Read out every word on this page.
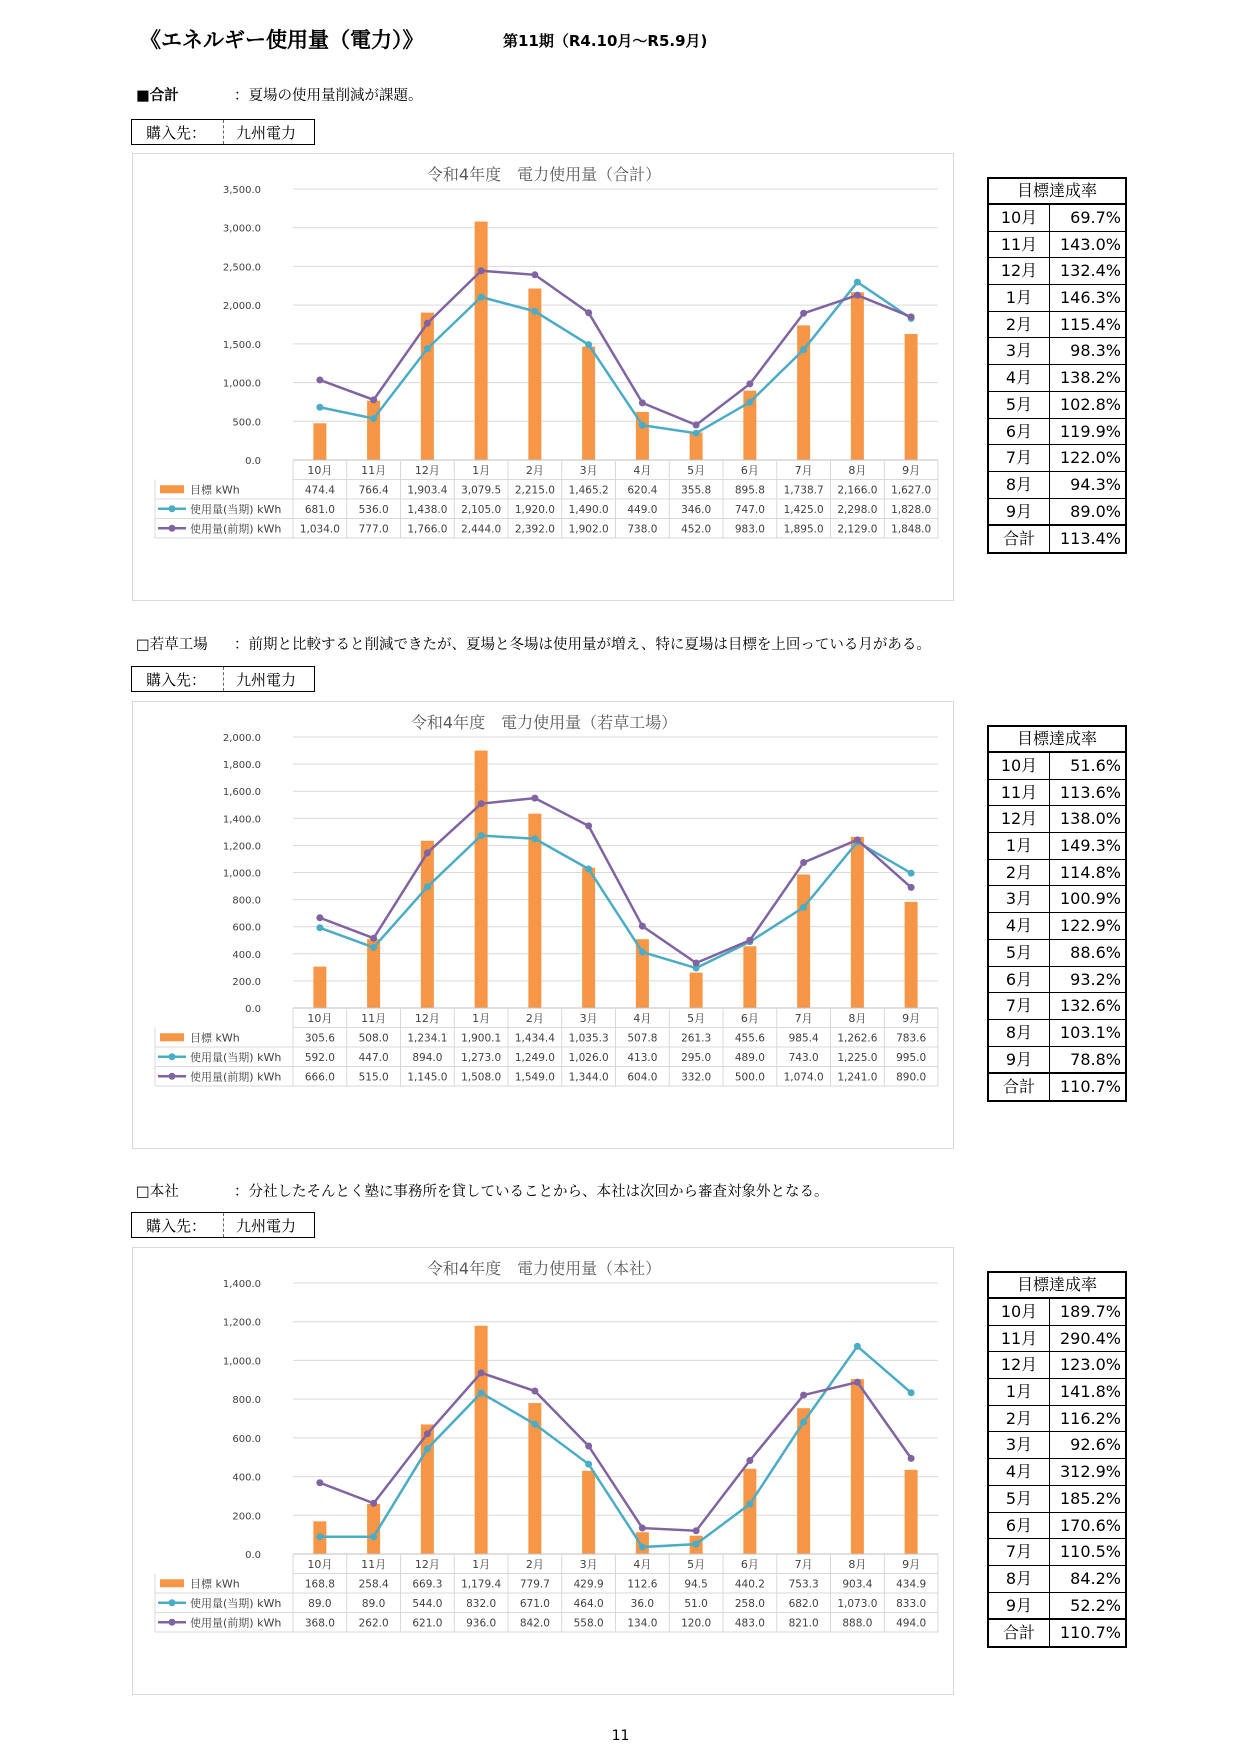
《エネルギー使用量（電力）》	第11期（R4.10月～R5.9月)
■合計	：夏場の使用量削減が課題。
購入先：	九州電力
令和4年度　電力使用量（合計）
0.0
500.0
1,000.0
1,500.0
2,000.0
2,500.0
3,000.0
3,500.0
10月	11月	12月	1月	2月	3月	4月	5月	6月	7月	8月	9月
目標 kWh	474.4 766.4 1,903.4 3,079.5 2,215.0 1,465.2 620.4 355.8 895.8 1,738.7 2,166.0 1,627.0
使用量(当期) kWh 681.0 536.0 1,438.0 2,105.0 1,920.0 1,490.0 449.0 346.0 747.0 1,425.0 2,298.0 1,828.0
使用量(前期) kWh 1,034.0 777.0 1,766.0 2,444.0 2,392.0 1,902.0 738.0 452.0 983.0 1,895.0 2,129.0 1,848.0
目標達成率
10月	69.7%
11月	143.0%
12月	132.4%
1月	146.3%
2月	115.4%
3月	98.3%
4月	138.2%
5月	102.8%
6月	119.9%
7月	122.0%
8月	94.3%
9月	89.0%
合計	113.4%
□若草工場 ：前期と比較すると削減できたが、夏場と冬場は使用量が増え、特に夏場は目標を上回っている月がある。
購入先：	九州電力
令和4年度　電力使用量（若草工場）
0.0
200.0
400.0
600.0
800.0
1,000.0
1,200.0
1,400.0
1,600.0
1,800.0
2,000.0
10月	11月	12月	1月	2月	3月	4月	5月	6月	7月	8月	9月
目標 kWh	305.6 508.0 1,234.1 1,900.1 1,434.4 1,035.3 507.8 261.3 455.6 985.4 1,262.6 783.6
使用量(当期) kWh 592.0 447.0 894.0 1,273.0 1,249.0 1,026.0 413.0 295.0 489.0 743.0 1,225.0 995.0
使用量(前期) kWh 666.0 515.0 1,145.0 1,508.0 1,549.0 1,344.0 604.0 332.0 500.0 1,074.0 1,241.0 890.0
目標達成率
10月	51.6%
11月	113.6%
12月	138.0%
1月	149.3%
2月	114.8%
3月	100.9%
4月	122.9%
5月	88.6%
6月	93.2%
7月	132.6%
8月	103.1%
9月	78.8%
合計	110.7%
□本社	：分社したそんとく塾に事務所を貸していることから、本社は次回から審査対象外となる。
購入先：	九州電力
令和4年度　電力使用量（本社）
0.0
200.0
400.0
600.0
800.0
1,000.0
1,200.0
1,400.0
10月	11月	12月	1月	2月	3月	4月	5月	6月	7月	8月	9月
目標 kWh	168.8 258.4 669.3 1,179.4 779.7 429.9 112.6	94.5	440.2 753.3 903.4 434.9
使用量(当期) kWh	89.0	89.0	544.0 832.0 671.0 464.0	36.0	51.0	258.0 682.0 1,073.0 833.0
使用量(前期) kWh 368.0 262.0 621.0 936.0 842.0 558.0 134.0 120.0 483.0 821.0 888.0 494.0
目標達成率
10月	189.7%
11月	290.4%
12月	123.0%
1月	141.8%
2月	116.2%
3月	92.6%
4月	312.9%
5月	185.2%
6月	170.6%
7月	110.5%
8月	84.2%
9月	52.2%
合計	110.7%
11
